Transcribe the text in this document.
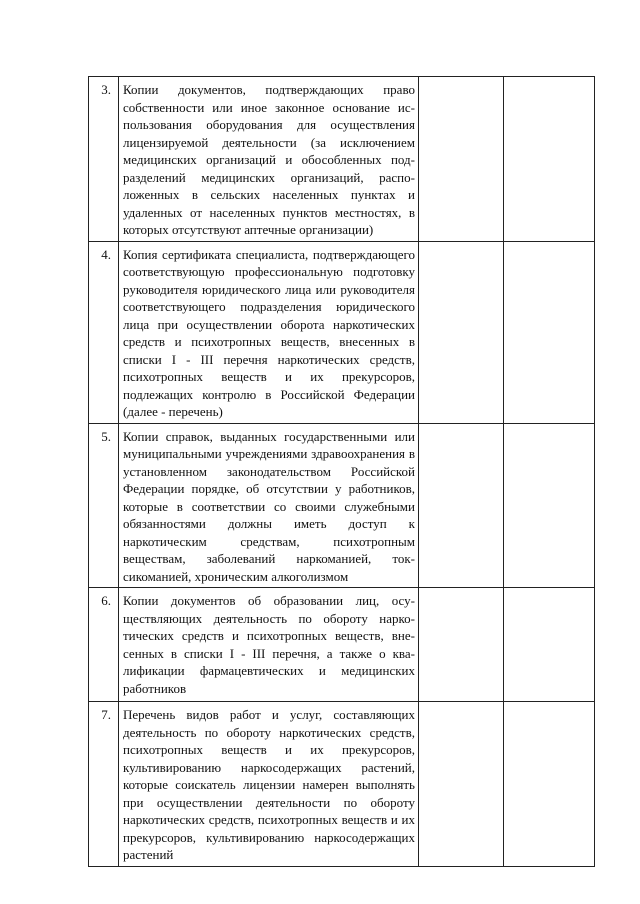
3.	Копии документов, подтверждающих право собственности или иное законное основание использования оборудования для осуществления лицензируемой деятельности (за исключением медицинских организаций и обособленных подразделений медицинских организаций, расположенных в сельских населенных пунктах и удаленных от населенных пунктов местностях, в которых отсутствуют аптечные организации)		
4.	Копия сертификата специалиста, подтверждающего соответствующую профессиональную подготовку руководителя юридического лица или руководителя соответствующего подразделения юридического лица при осуществлении оборота наркотических средств и психотропных веществ, внесенных в списки I - III перечня наркотических средств, психотропных веществ и их прекурсоров, подлежащих контролю в Российской Федерации (далее - перечень)		
5.	Копии справок, выданных государственными или муниципальными учреждениями здравоохранения в установленном законодательством Российской Федерации порядке, об отсутствии у работников, которые в соответствии со своими служебными обязанностями должны иметь доступ к наркотическим средствам, психотропным веществам, заболеваний наркоманией, токсикоманией, хроническим алкоголизмом		
6.	Копии документов об образовании лиц, осуществляющих деятельность по обороту наркотических средств и психотропных веществ, внесенных в списки I - III перечня, а также о квалификации фармацевтических и медицинских работников		
7.	Перечень видов работ и услуг, составляющих деятельность по обороту наркотических средств, психотропных веществ и их прекурсоров, культивированию наркосодержащих растений, которые соискатель лицензии намерен выполнять при осуществлении деятельности по обороту наркотических средств, психотропных веществ и их прекурсоров, культивированию наркосодержащих растений		
